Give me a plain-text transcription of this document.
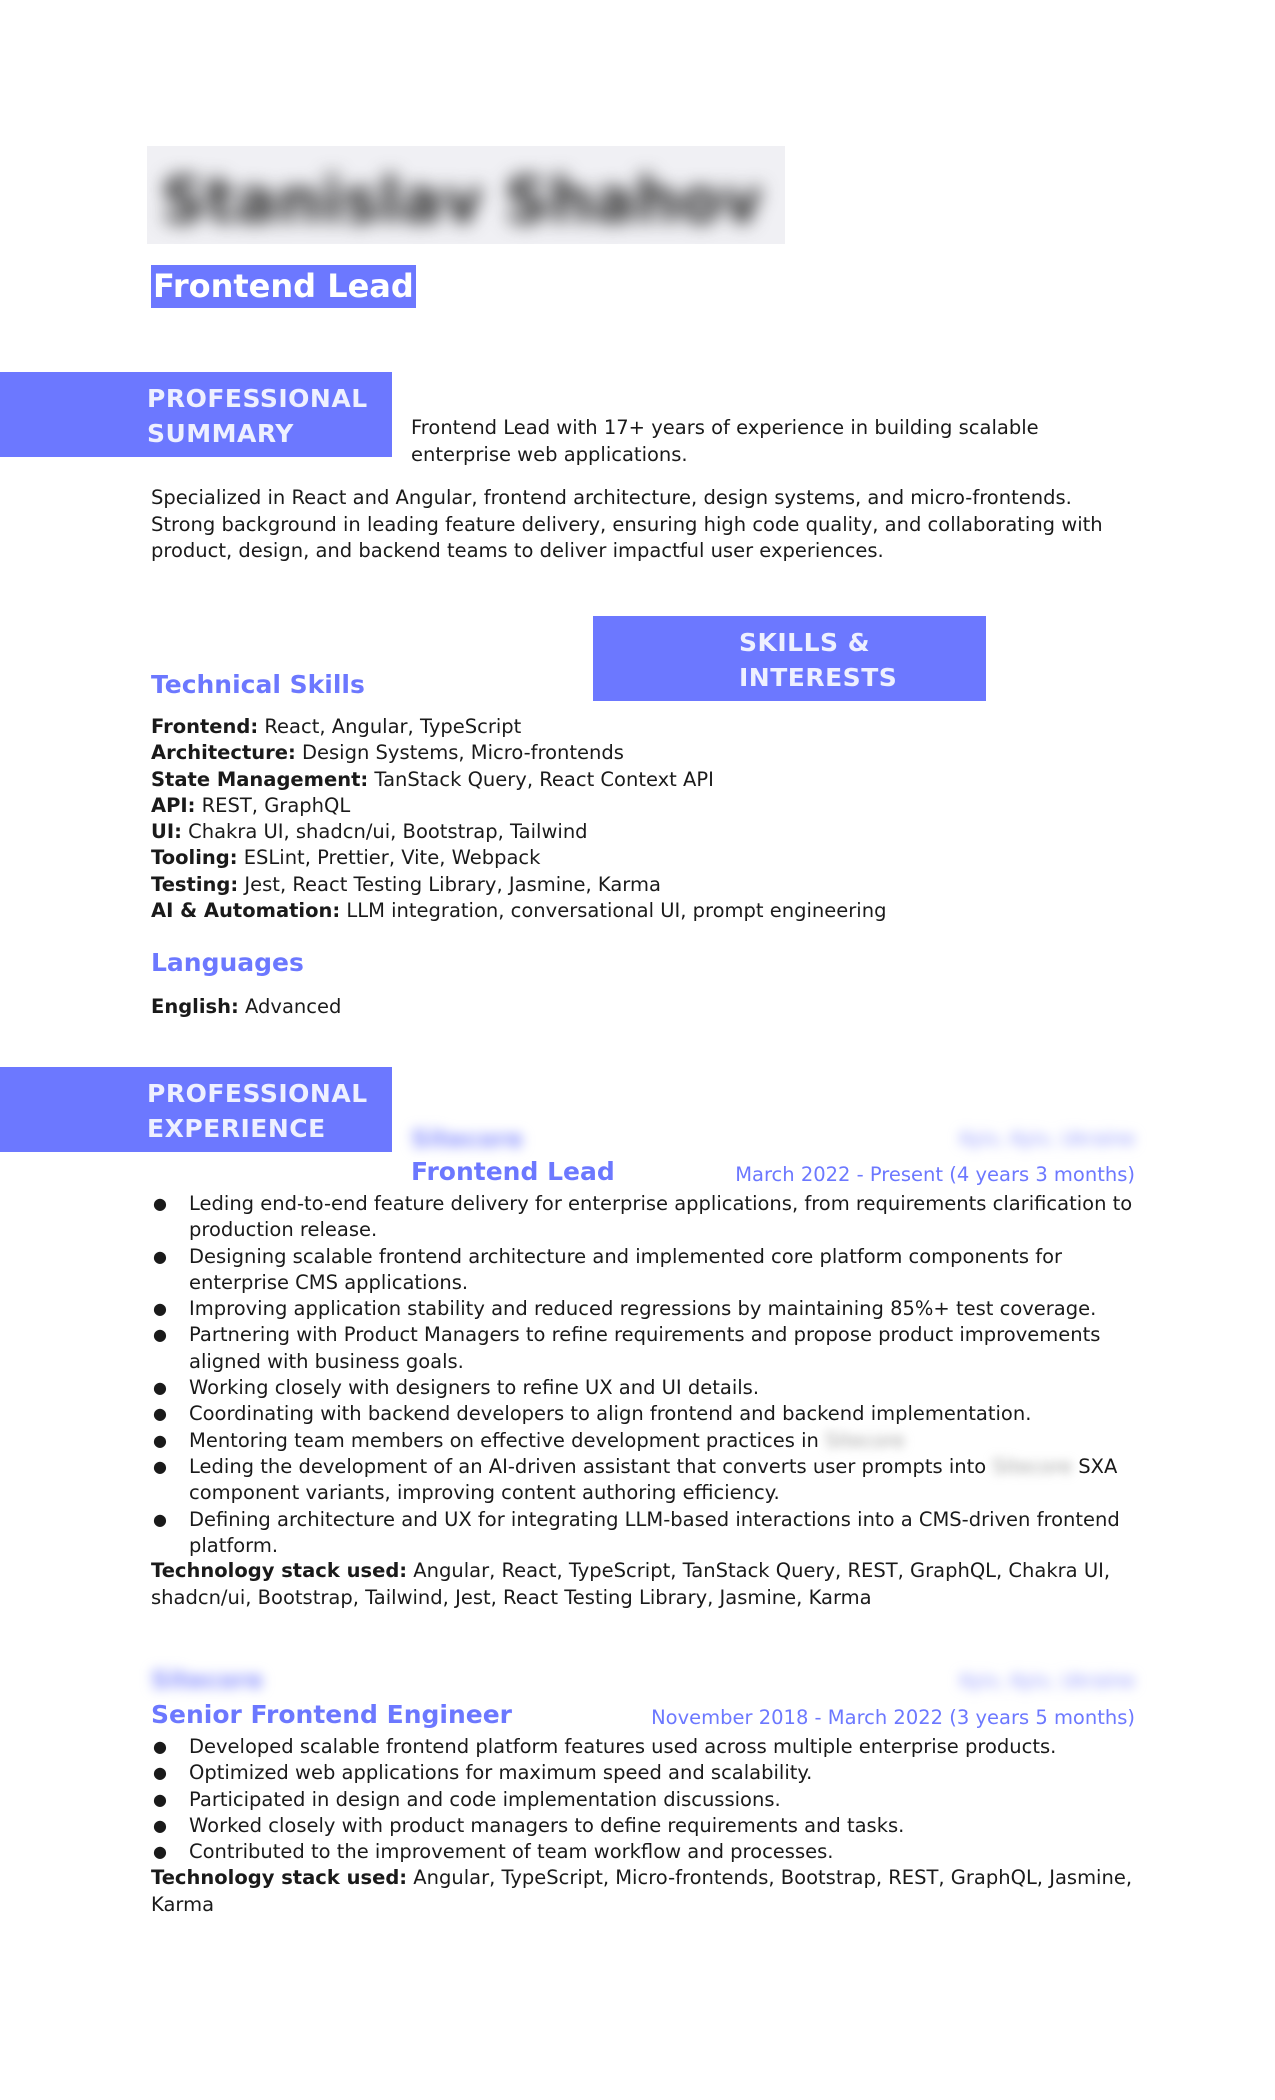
Stanislav Shahov
Frontend Lead
PROFESSIONAL
SUMMARY	Frontend Lead with 17+ years of experience in building scalable enterprise web applications.

Specialized in React and Angular, frontend architecture, design systems, and micro-frontends. Strong background in leading feature delivery, ensuring high code quality, and collaborating with product, design, and backend teams to deliver impactful user experiences.

SKILLS &
INTERESTS
Technical Skills
Frontend: React, Angular, TypeScript
Architecture: Design Systems, Micro-frontends
State Management: TanStack Query, React Context API
API: REST, GraphQL
UI: Chakra UI, shadcn/ui, Bootstrap, Tailwind
Tooling: ESLint, Prettier, Vite, Webpack
Testing: Jest, React Testing Library, Jasmine, Karma
AI & Automation: LLM integration, conversational UI, prompt engineering
Languages
English: Advanced
PROFESSIONAL
EXPERIENCE	Sitecore	Kyiv, Kyiv, Ukraine
Frontend Lead	March 2022 - Present (4 years 3 months)
● Leding end-to-end feature delivery for enterprise applications, from requirements clarification to production release.
● Designing scalable frontend architecture and implemented core platform components for enterprise CMS applications.
● Improving application stability and reduced regressions by maintaining 85%+ test coverage.
● Partnering with Product Managers to refine requirements and propose product improvements aligned with business goals.
● Working closely with designers to refine UX and UI details.
● Coordinating with backend developers to align frontend and backend implementation.
● Mentoring team members on effective development practices in Sitecore
● Leding the development of an AI-driven assistant that converts user prompts into Sitecore SXA component variants, improving content authoring efficiency.
● Defining architecture and UX for integrating LLM-based interactions into a CMS-driven frontend platform.

Technology stack used: Angular, React, TypeScript, TanStack Query, REST, GraphQL, Chakra UI, shadcn/ui, Bootstrap, Tailwind, Jest, React Testing Library, Jasmine, Karma

Sitecore	Kyiv, Kyiv, Ukraine
Senior Frontend Engineer	November 2018 - March 2022 (3 years 5 months)
● Developed scalable frontend platform features used across multiple enterprise products.
● Optimized web applications for maximum speed and scalability.
● Participated in design and code implementation discussions.
● Worked closely with product managers to define requirements and tasks.
● Contributed to the improvement of team workflow and processes.

Technology stack used: Angular, TypeScript, Micro-frontends, Bootstrap, REST, GraphQL, Jasmine, Karma
